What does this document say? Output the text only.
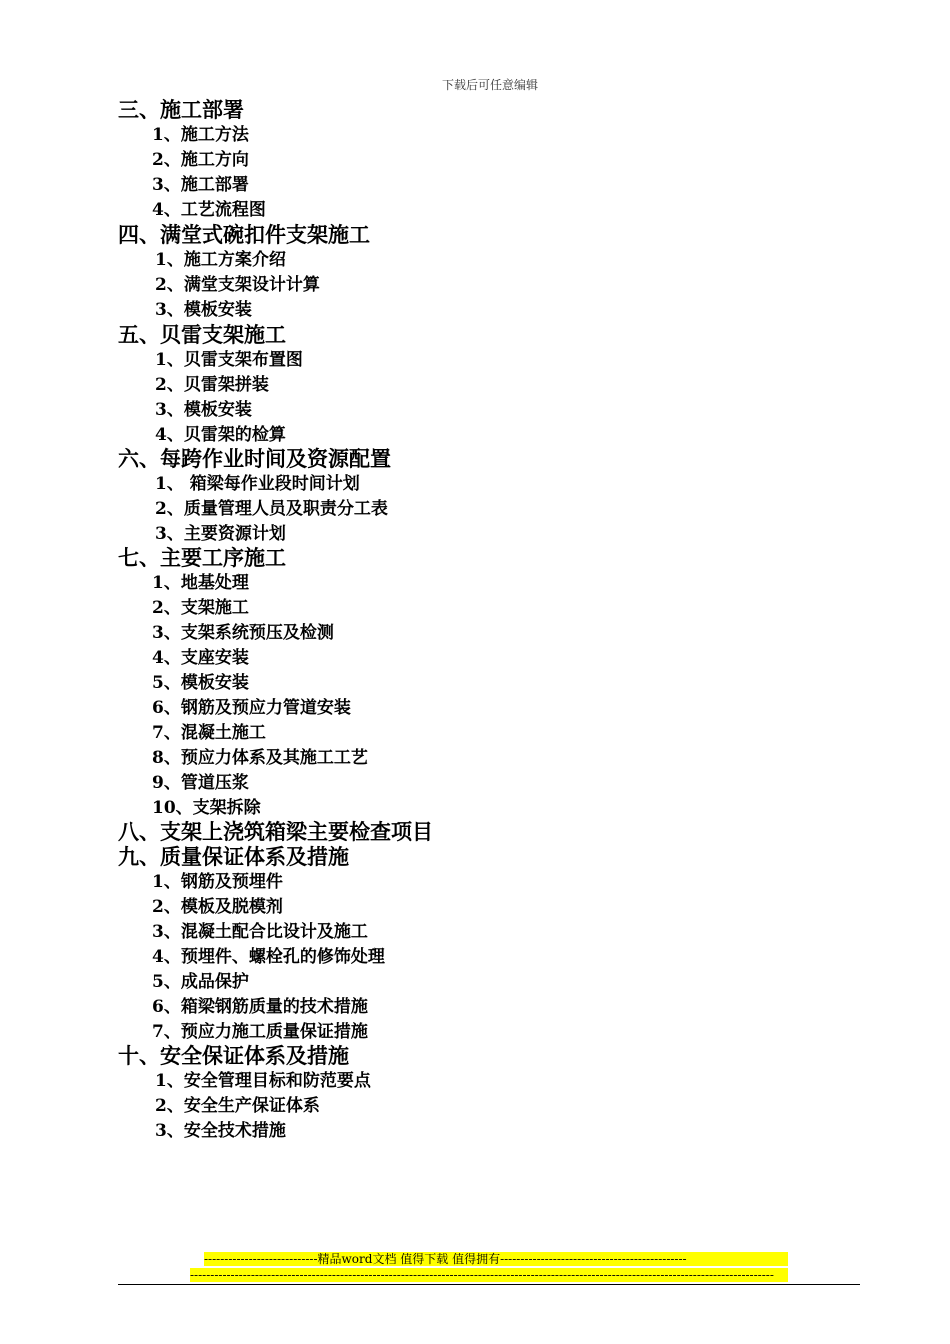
下载后可任意编辑
三、施工部署
1、施工方法
2、施工方向
3、施工部署
4、工艺流程图
四、满堂式碗扣件支架施工
1、施工方案介绍
2、满堂支架设计计算
3、模板安装
五、贝雷支架施工
1、贝雷支架布置图
2、贝雷架拼装
3、模板安装
4、贝雷架的检算
六、每跨作业时间及资源配置
1、 箱梁每作业段时间计划
2、质量管理人员及职责分工表
3、主要资源计划
七、主要工序施工
1、地基处理
2、支架施工
3、支架系统预压及检测
4、支座安装
5、模板安装
6、钢筋及预应力管道安装
7、混凝土施工
8、预应力体系及其施工工艺
9、管道压浆
10、支架拆除
八、支架上浇筑箱梁主要检查项目
九、质量保证体系及措施
1、钢筋及预埋件
2、模板及脱模剂
3、混凝土配合比设计及施工
4、预埋件、螺栓孔的修饰处理
5、成品保护
6、箱梁钢筋质量的技术措施
7、预应力施工质量保证措施
十、安全保证体系及措施
1、安全管理目标和防范要点
2、安全生产保证体系
3、安全技术措施
----------------------------精品word文档 值得下载 值得拥有----------------------------------------------
------------------------------------------------------------------------------------------------------------------------------------------------
